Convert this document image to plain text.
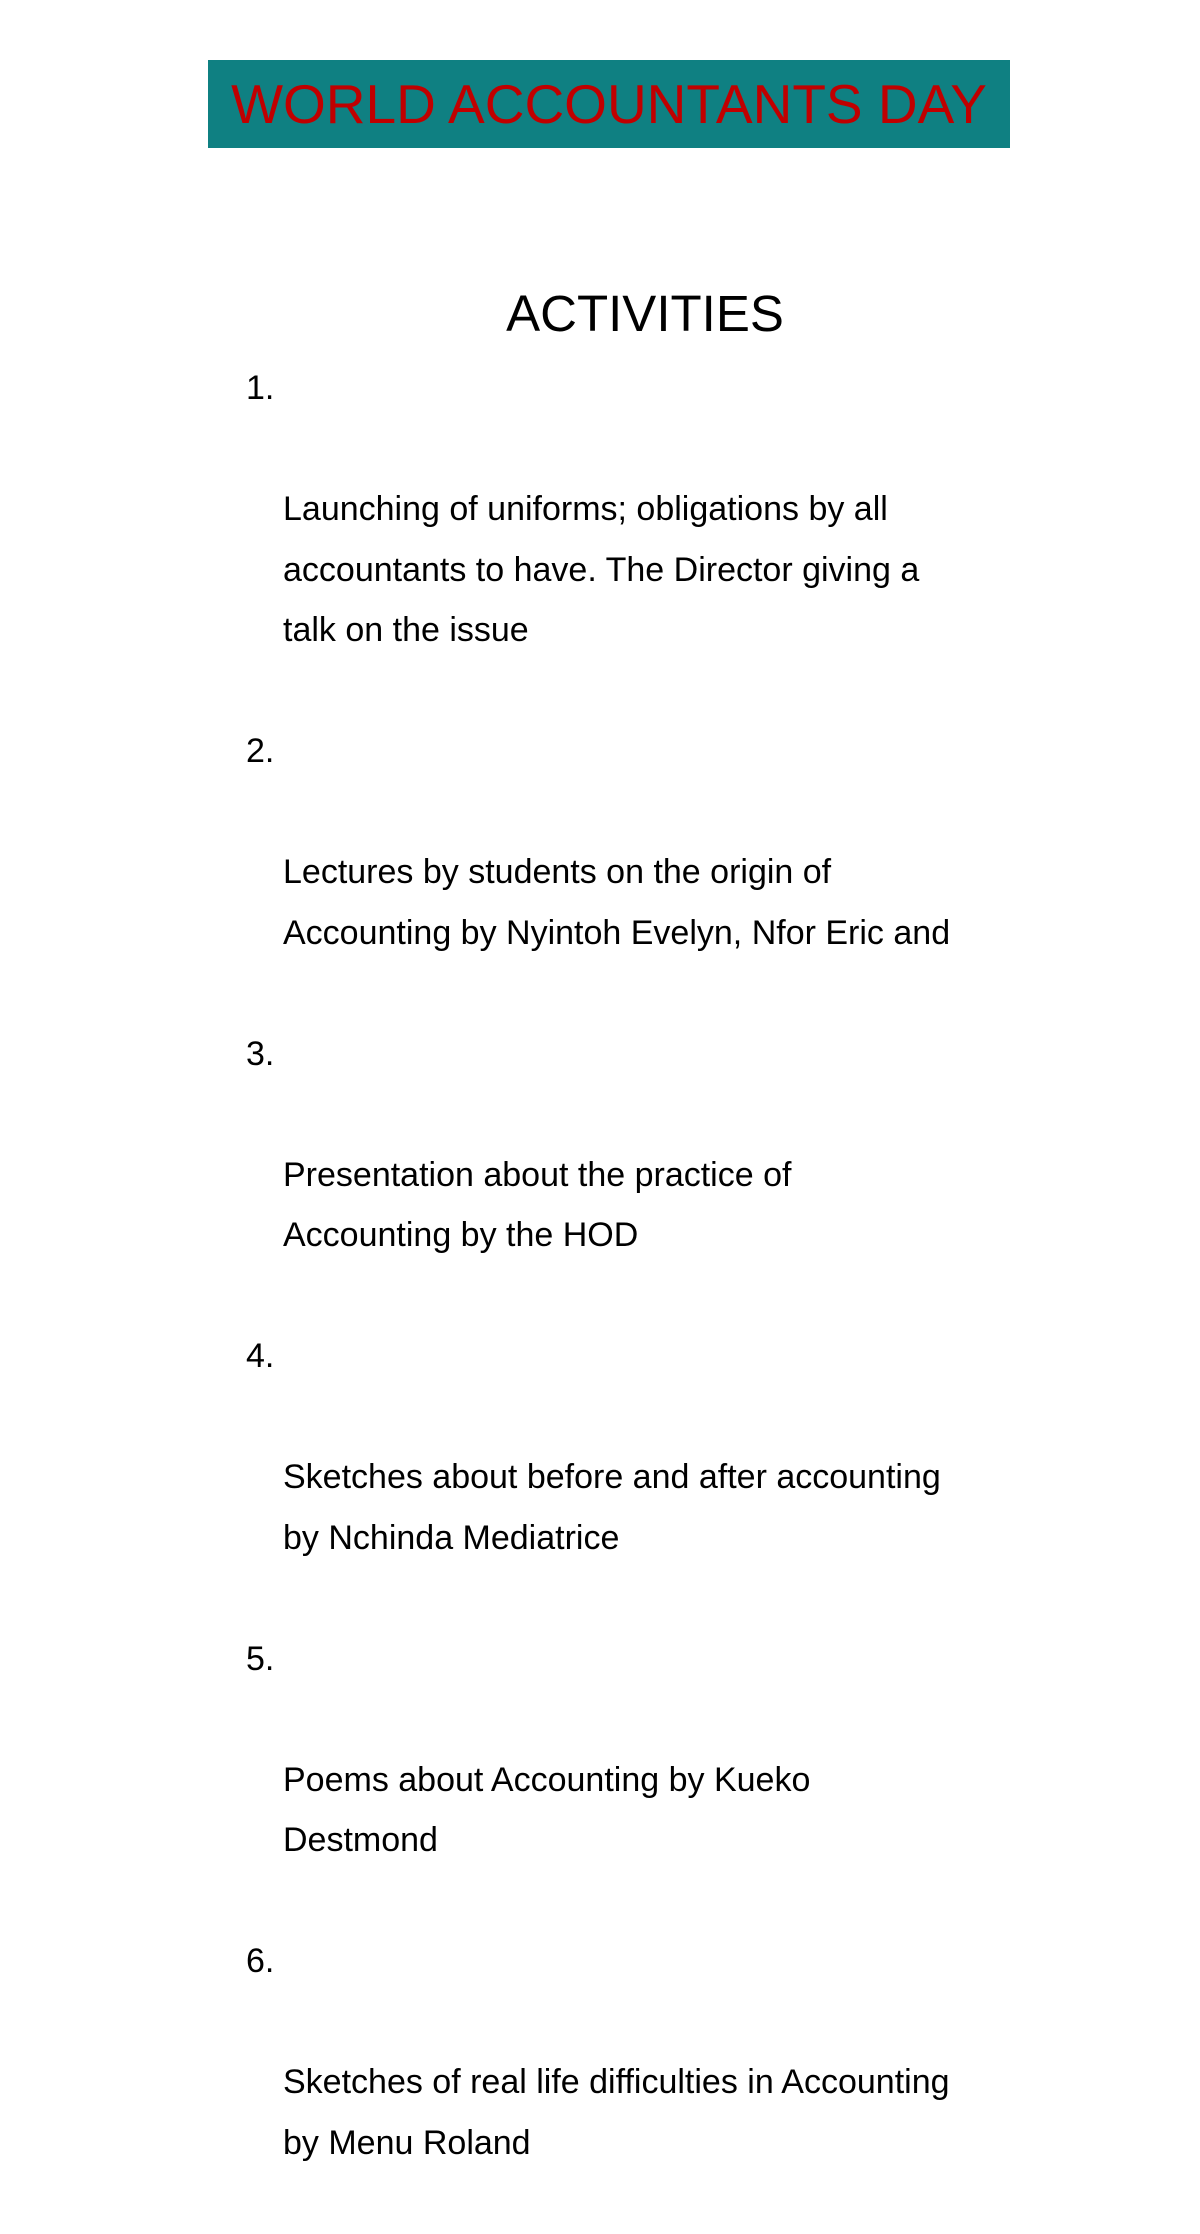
WORLD ACCOUNTANTS DAY
ACTIVITIES

1.

Launching of uniforms; obligations by all
accountants to have. The Director giving a
talk on the issue

2.

Lectures by students on the origin of
Accounting by Nyintoh Evelyn, Nfor Eric and

3.

Presentation about the practice of
Accounting by the HOD

4.

Sketches about before and after accounting
by Nchinda Mediatrice

5.

Poems about Accounting by Kueko
Destmond

6.

Sketches of real life difficulties in Accounting
by Menu Roland
